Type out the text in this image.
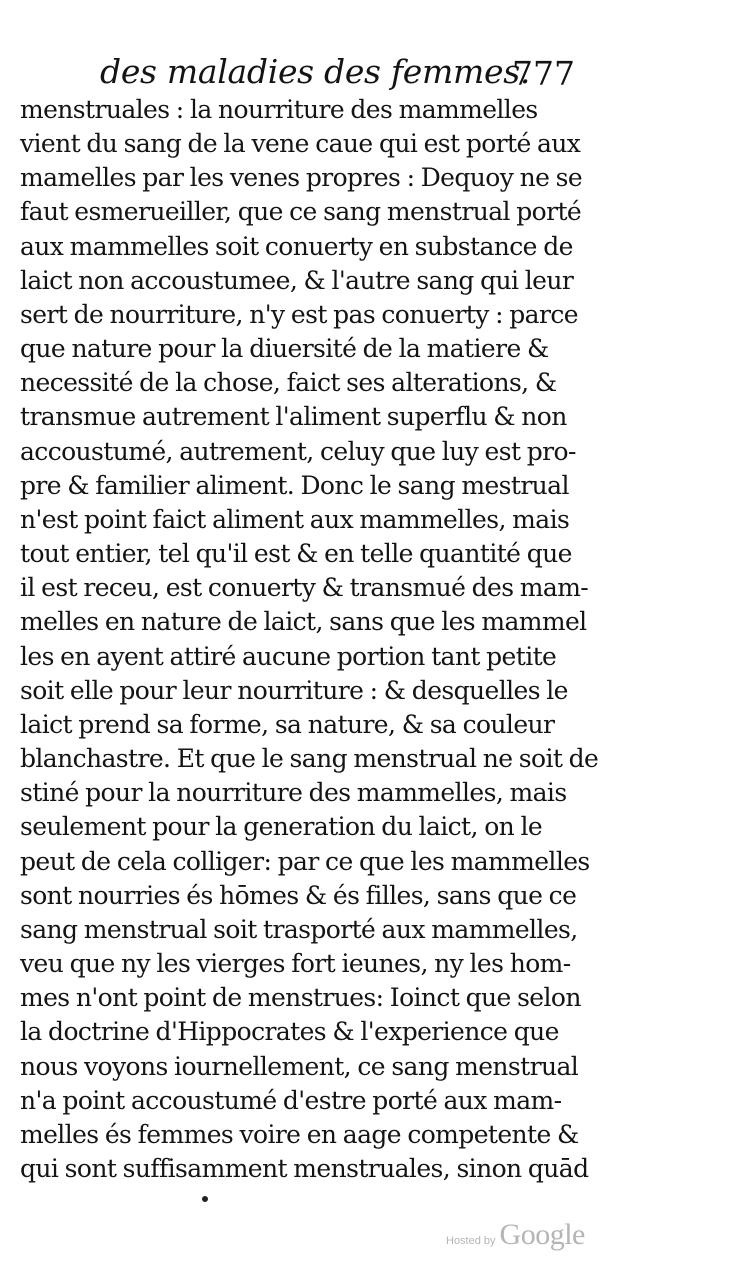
des maladies des femmes.
777
menstruales : la nourriture des mammelles
vient du sang de la vene caue qui est porté aux
mamelles par les venes propres : Dequoy ne se
faut esmerueiller, que ce sang menstrual porté
aux mammelles soit conuerty en substance de
laict non accoustumee, & l'autre sang qui leur
sert de nourriture, n'y est pas conuerty : parce
que nature pour la diuersité de la matiere &
necessité de la chose, faict ses alterations, &
transmue autrement l'aliment superflu & non
accoustumé, autrement, celuy que luy est pro-
pre & familier aliment. Donc le sang mestrual
n'est point faict aliment aux mammelles, mais
tout entier, tel qu'il est & en telle quantité que
il est receu, est conuerty & transmué des mam-
melles en nature de laict, sans que les mammel
les en ayent attiré aucune portion tant petite
soit elle pour leur nourriture : & desquelles le
laict prend sa forme, sa nature, & sa couleur
blanchastre. Et que le sang menstrual ne soit de
stiné pour la nourriture des mammelles, mais
seulement pour la generation du laict, on le
peut de cela colliger: par ce que les mammelles
sont nourries és hōmes & és filles, sans que ce
sang menstrual soit trasporté aux mammelles,
veu que ny les vierges fort ieunes, ny les hom-
mes n'ont point de menstrues: Ioinct que selon
la doctrine d'Hippocrates & l'experience que
nous voyons iournellement, ce sang menstrual
n'a point accoustumé d'estre porté aux mam-
melles és femmes voire en aage competente &
qui sont suffisamment menstruales, sinon quād
Hosted by Google
